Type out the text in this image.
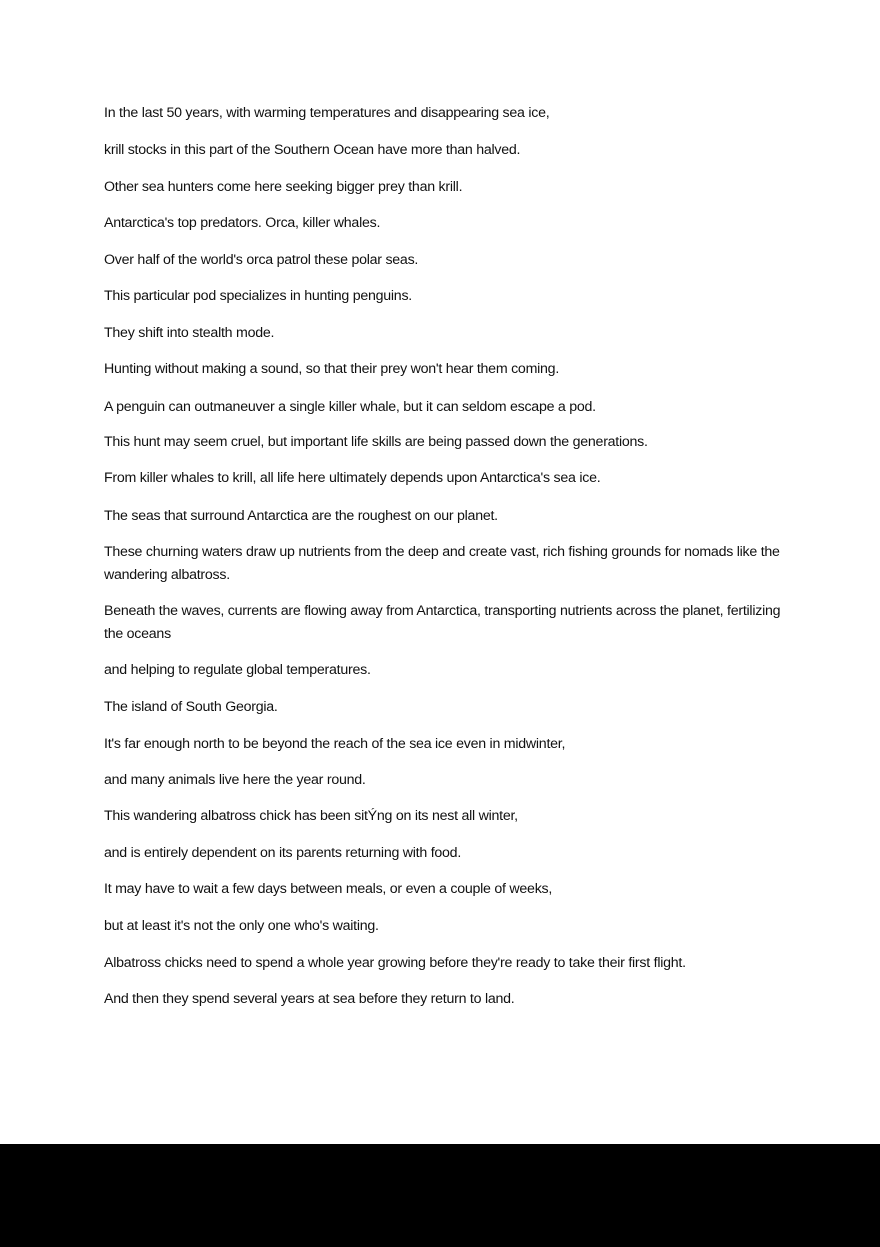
In the last 50 years, with warming temperatures and disappearing sea ice,

krill stocks in this part of the Southern Ocean have more than halved.

Other sea hunters come here seeking bigger prey than krill.

Antarctica's top predators. Orca, killer whales.

Over half of the world's orca patrol these polar seas.

This particular pod specializes in hunting penguins.

They shift into stealth mode.

Hunting without making a sound, so that their prey won't hear them coming.

A penguin can outmaneuver a single killer whale, but it can seldom escape a pod.

This hunt may seem cruel, but important life skills are being passed down the generations.

From killer whales to krill, all life here ultimately depends upon Antarctica's sea ice.

The seas that surround Antarctica are the roughest on our planet.

These churning waters draw up nutrients from the deep and create vast, rich fishing grounds for nomads like the wandering albatross.

Beneath the waves, currents are flowing away from Antarctica, transporting nutrients across the planet, fertilizing the oceans

and helping to regulate global temperatures.

The island of South Georgia.

It's far enough north to be beyond the reach of the sea ice even in midwinter,

and many animals live here the year round.

This wandering albatross chick has been sitÝng on its nest all winter,

and is entirely dependent on its parents returning with food.

It may have to wait a few days between meals, or even a couple of weeks,

but at least it's not the only one who's waiting.

Albatross chicks need to spend a whole year growing before they're ready to take their first flight.

And then they spend several years at sea before they return to land.
